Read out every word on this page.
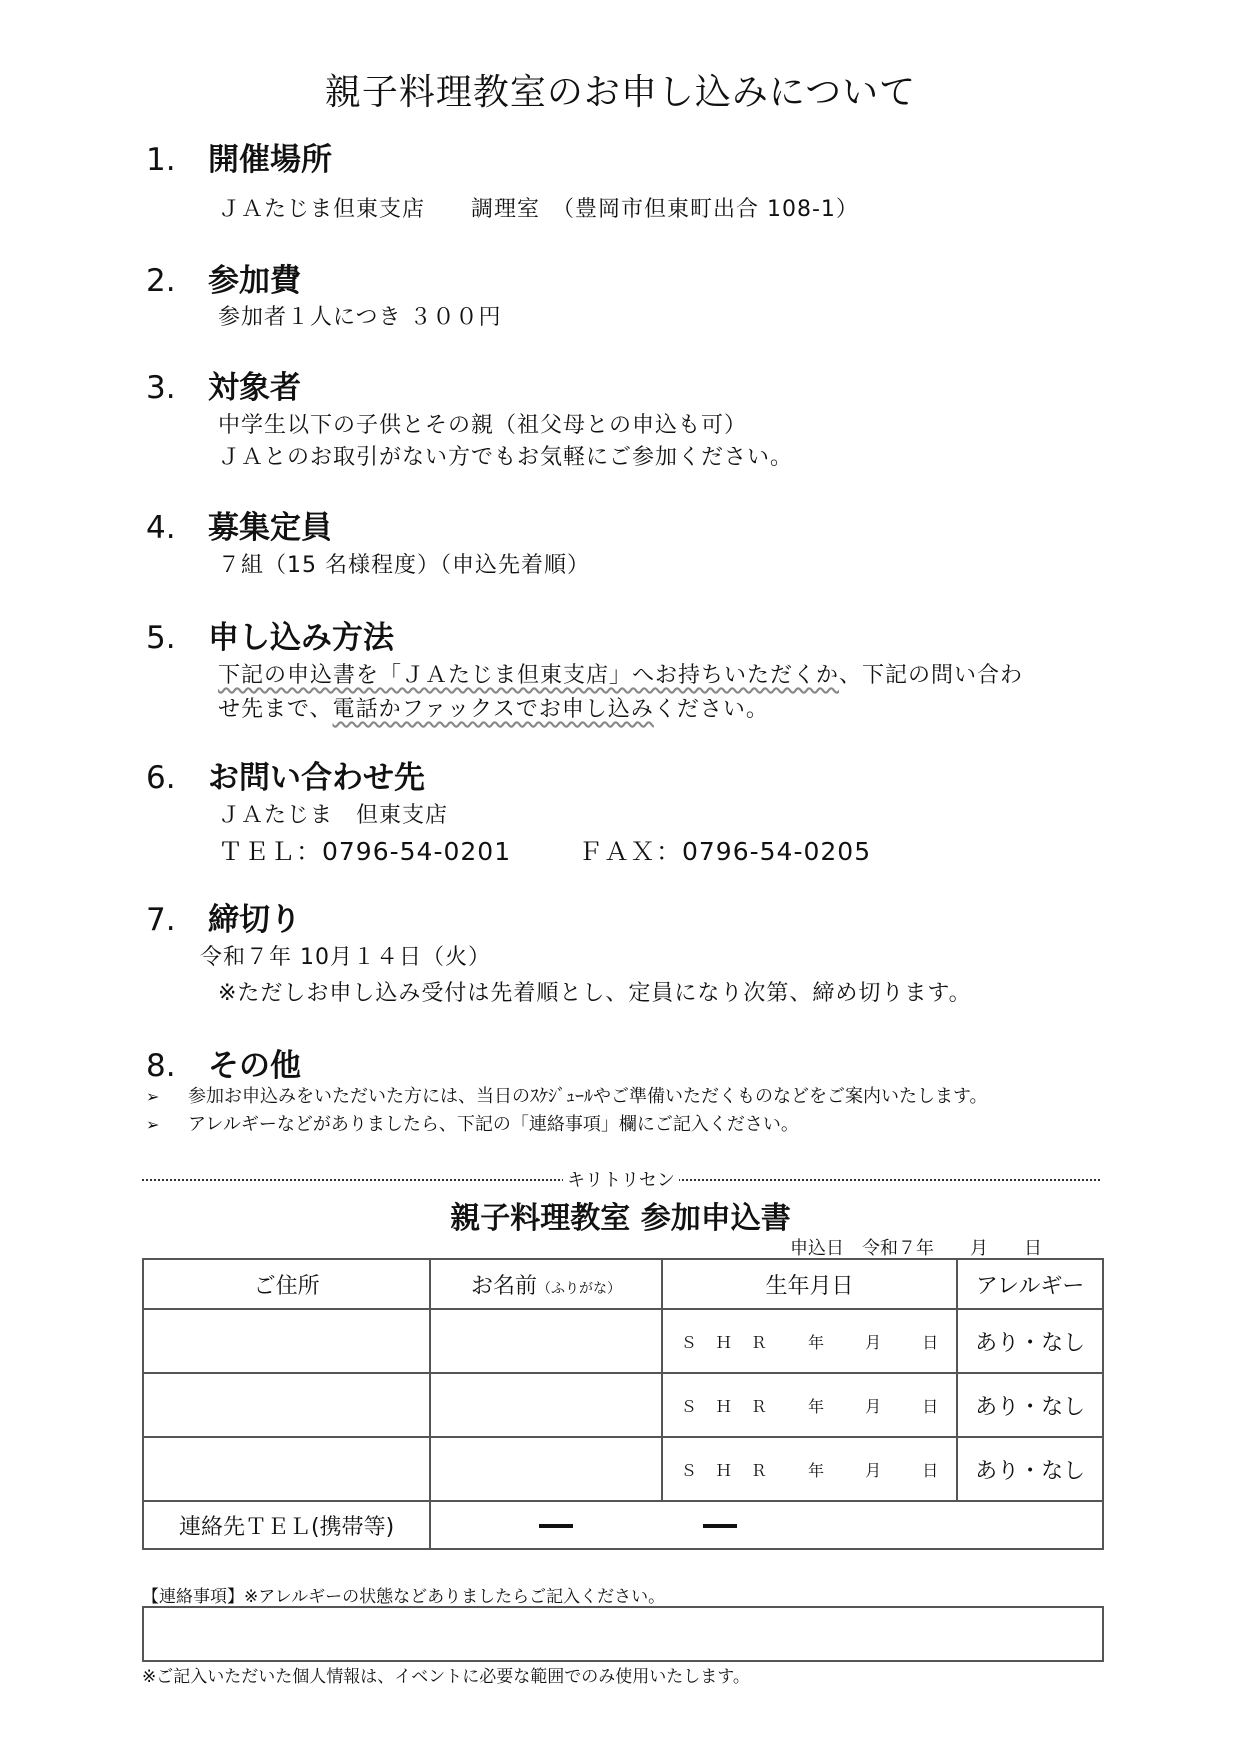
親子料理教室のお申し込みについて
1. 開催場所
ＪＡたじま但東支店　　調理室　（豊岡市但東町出合 108-1）
2. 参加費
参加者１人につき ３００円
3. 対象者
中学生以下の子供とその親（祖父母との申込も可）
ＪＡとのお取引がない方でもお気軽にご参加ください。
4. 募集定員
７組（15 名様程度）（申込先着順）
5. 申し込み方法
下記の申込書を「ＪＡたじま但東支店」へお持ちいただくか、下記の問い合わ
せ先まで、電話かファックスでお申し込みください。
6. お問い合わせ先
ＪＡたじま　但東支店
ＴＥＬ：0796-54-0201	ＦＡＸ：0796-54-0205
7. 締切り
令和７年 10月１４日（火）
※ただしお申し込み受付は先着順とし、定員になり次第、締め切ります。
8. その他
➢ 参加お申込みをいただいた方には、当日のｽｹｼﾞｭｰﾙやご準備いただくものなどをご案内いたします。
➢ アレルギーなどがありましたら、下記の「連絡事項」欄にご記入ください。
キリトリセン
親子料理教室 参加申込書
申込日　令和７年　　月　　日
ご住所	お名前（ふりがな）	生年月日	アレルギー

		Ｓ Ｈ Ｒ 年 月 日	あり・なし

		Ｓ Ｈ Ｒ 年 月 日	あり・なし

		Ｓ Ｈ Ｒ 年 月 日	あり・なし
連絡先ＴＥＬ(携帯等)			
【連絡事項】※アレルギーの状態などありましたらご記入ください。
※ご記入いただいた個人情報は、イベントに必要な範囲でのみ使用いたします。
